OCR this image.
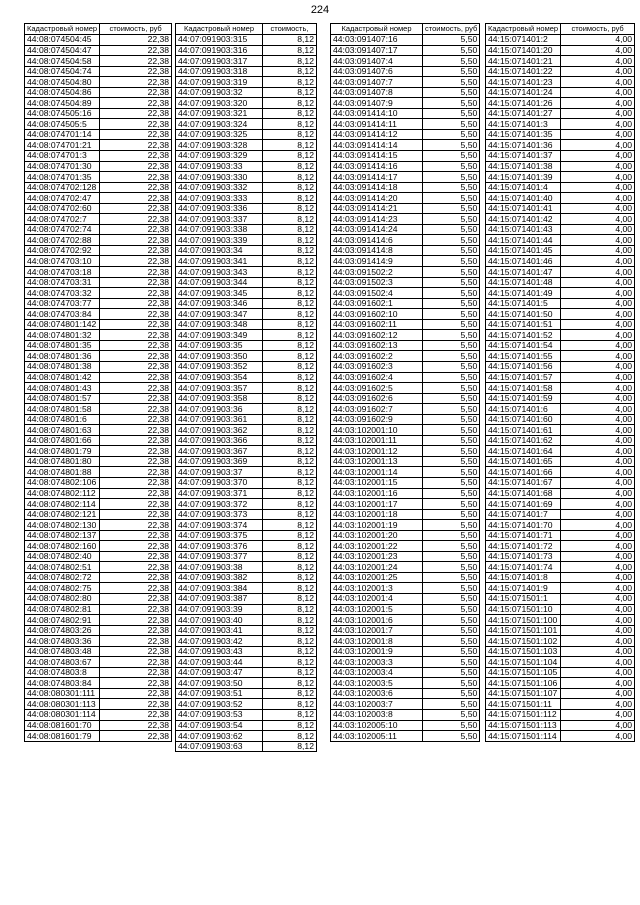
224
Кадастровый номер	стоимость, руб
44:08:074504:45	22,38
44:08:074504:47	22,38
44:08:074504:58	22,38
44:08:074504:74	22,38
44:08:074504:80	22,38
44:08:074504:86	22,38
44:08:074504:89	22,38
44:08:074505:16	22,38
44:08:074505:5	22,38
44:08:074701:14	22,38
44:08:074701:21	22,38
44:08:074701:3	22,38
44:08:074701:30	22,38
44:08:074701:35	22,38
44:08:074702:128	22,38
44:08:074702:47	22,38
44:08:074702:60	22,38
44:08:074702:7	22,38
44:08:074702:74	22,38
44:08:074702:88	22,38
44:08:074702:92	22,38
44:08:074703:10	22,38
44:08:074703:18	22,38
44:08:074703:31	22,38
44:08:074703:32	22,38
44:08:074703:77	22,38
44:08:074703:84	22,38
44:08:074801:142	22,38
44:08:074801:32	22,38
44:08:074801:35	22,38
44:08:074801:36	22,38
44:08:074801:38	22,38
44:08:074801:42	22,38
44:08:074801:43	22,38
44:08:074801:57	22,38
44:08:074801:58	22,38
44:08:074801:6	22,38
44:08:074801:63	22,38
44:08:074801:66	22,38
44:08:074801:79	22,38
44:08:074801:80	22,38
44:08:074801:88	22,38
44:08:074802:106	22,38
44:08:074802:112	22,38
44:08:074802:114	22,38
44:08:074802:121	22,38
44:08:074802:130	22,38
44:08:074802:137	22,38
44:08:074802:160	22,38
44:08:074802:40	22,38
44:08:074802:51	22,38
44:08:074802:72	22,38
44:08:074802:75	22,38
44:08:074802:80	22,38
44:08:074802:81	22,38
44:08:074802:91	22,38
44:08:074803:26	22,38
44:08:074803:36	22,38
44:08:074803:48	22,38
44:08:074803:67	22,38
44:08:074803:8	22,38
44:08:074803:84	22,38
44:08:080301:111	22,38
44:08:080301:113	22,38
44:08:080301:114	22,38
44:08:081601:70	22,38
44:08:081601:79	22,38
Кадастровый номер	стоимость,
44:07:091903:315	8,12
44:07:091903:316	8,12
44:07:091903:317	8,12
44:07:091903:318	8,12
44:07:091903:319	8,12
44:07:091903:32	8,12
44:07:091903:320	8,12
44:07:091903:321	8,12
44:07:091903:324	8,12
44:07:091903:325	8,12
44:07:091903:328	8,12
44:07:091903:329	8,12
44:07:091903:33	8,12
44:07:091903:330	8,12
44:07:091903:332	8,12
44:07:091903:333	8,12
44:07:091903:336	8,12
44:07:091903:337	8,12
44:07:091903:338	8,12
44:07:091903:339	8,12
44:07:091903:34	8,12
44:07:091903:341	8,12
44:07:091903:343	8,12
44:07:091903:344	8,12
44:07:091903:345	8,12
44:07:091903:346	8,12
44:07:091903:347	8,12
44:07:091903:348	8,12
44:07:091903:349	8,12
44:07:091903:35	8,12
44:07:091903:350	8,12
44:07:091903:352	8,12
44:07:091903:354	8,12
44:07:091903:357	8,12
44:07:091903:358	8,12
44:07:091903:36	8,12
44:07:091903:361	8,12
44:07:091903:362	8,12
44:07:091903:366	8,12
44:07:091903:367	8,12
44:07:091903:369	8,12
44:07:091903:37	8,12
44:07:091903:370	8,12
44:07:091903:371	8,12
44:07:091903:372	8,12
44:07:091903:373	8,12
44:07:091903:374	8,12
44:07:091903:375	8,12
44:07:091903:376	8,12
44:07:091903:377	8,12
44:07:091903:38	8,12
44:07:091903:382	8,12
44:07:091903:384	8,12
44:07:091903:387	8,12
44:07:091903:39	8,12
44:07:091903:40	8,12
44:07:091903:41	8,12
44:07:091903:42	8,12
44:07:091903:43	8,12
44:07:091903:44	8,12
44:07:091903:47	8,12
44:07:091903:50	8,12
44:07:091903:51	8,12
44:07:091903:52	8,12
44:07:091903:53	8,12
44:07:091903:54	8,12
44:07:091903:62	8,12
44:07:091903:63	8,12
Кадастровый номер	стоимость, руб
44:03:091407:16	5,50
44:03:091407:17	5,50
44:03:091407:4	5,50
44:03:091407:6	5,50
44:03:091407:7	5,50
44:03:091407:8	5,50
44:03:091407:9	5,50
44:03:091414:10	5,50
44:03:091414:11	5,50
44:03:091414:12	5,50
44:03:091414:14	5,50
44:03:091414:15	5,50
44:03:091414:16	5,50
44:03:091414:17	5,50
44:03:091414:18	5,50
44:03:091414:20	5,50
44:03:091414:21	5,50
44:03:091414:23	5,50
44:03:091414:24	5,50
44:03:091414:6	5,50
44:03:091414:8	5,50
44:03:091414:9	5,50
44:03:091502:2	5,50
44:03:091502:3	5,50
44:03:091502:4	5,50
44:03:091602:1	5,50
44:03:091602:10	5,50
44:03:091602:11	5,50
44:03:091602:12	5,50
44:03:091602:13	5,50
44:03:091602:2	5,50
44:03:091602:3	5,50
44:03:091602:4	5,50
44:03:091602:5	5,50
44:03:091602:6	5,50
44:03:091602:7	5,50
44:03:091602:9	5,50
44:03:102001:10	5,50
44:03:102001:11	5,50
44:03:102001:12	5,50
44:03:102001:13	5,50
44:03:102001:14	5,50
44:03:102001:15	5,50
44:03:102001:16	5,50
44:03:102001:17	5,50
44:03:102001:18	5,50
44:03:102001:19	5,50
44:03:102001:20	5,50
44:03:102001:22	5,50
44:03:102001:23	5,50
44:03:102001:24	5,50
44:03:102001:25	5,50
44:03:102001:3	5,50
44:03:102001:4	5,50
44:03:102001:5	5,50
44:03:102001:6	5,50
44:03:102001:7	5,50
44:03:102001:8	5,50
44:03:102001:9	5,50
44:03:102003:3	5,50
44:03:102003:4	5,50
44:03:102003:5	5,50
44:03:102003:6	5,50
44:03:102003:7	5,50
44:03:102003:8	5,50
44:03:102005:10	5,50
44:03:102005:11	5,50
Кадастровый номер	стоимость, руб
44:15:071401:2	4,00
44:15:071401:20	4,00
44:15:071401:21	4,00
44:15:071401:22	4,00
44:15:071401:23	4,00
44:15:071401:24	4,00
44:15:071401:26	4,00
44:15:071401:27	4,00
44:15:071401:3	4,00
44:15:071401:35	4,00
44:15:071401:36	4,00
44:15:071401:37	4,00
44:15:071401:38	4,00
44:15:071401:39	4,00
44:15:071401:4	4,00
44:15:071401:40	4,00
44:15:071401:41	4,00
44:15:071401:42	4,00
44:15:071401:43	4,00
44:15:071401:44	4,00
44:15:071401:45	4,00
44:15:071401:46	4,00
44:15:071401:47	4,00
44:15:071401:48	4,00
44:15:071401:49	4,00
44:15:071401:5	4,00
44:15:071401:50	4,00
44:15:071401:51	4,00
44:15:071401:52	4,00
44:15:071401:54	4,00
44:15:071401:55	4,00
44:15:071401:56	4,00
44:15:071401:57	4,00
44:15:071401:58	4,00
44:15:071401:59	4,00
44:15:071401:6	4,00
44:15:071401:60	4,00
44:15:071401:61	4,00
44:15:071401:62	4,00
44:15:071401:64	4,00
44:15:071401:65	4,00
44:15:071401:66	4,00
44:15:071401:67	4,00
44:15:071401:68	4,00
44:15:071401:69	4,00
44:15:071401:7	4,00
44:15:071401:70	4,00
44:15:071401:71	4,00
44:15:071401:72	4,00
44:15:071401:73	4,00
44:15:071401:74	4,00
44:15:071401:8	4,00
44:15:071401:9	4,00
44:15:071501:1	4,00
44:15:071501:10	4,00
44:15:071501:100	4,00
44:15:071501:101	4,00
44:15:071501:102	4,00
44:15:071501:103	4,00
44:15:071501:104	4,00
44:15:071501:105	4,00
44:15:071501:106	4,00
44:15:071501:107	4,00
44:15:071501:11	4,00
44:15:071501:112	4,00
44:15:071501:113	4,00
44:15:071501:114	4,00
